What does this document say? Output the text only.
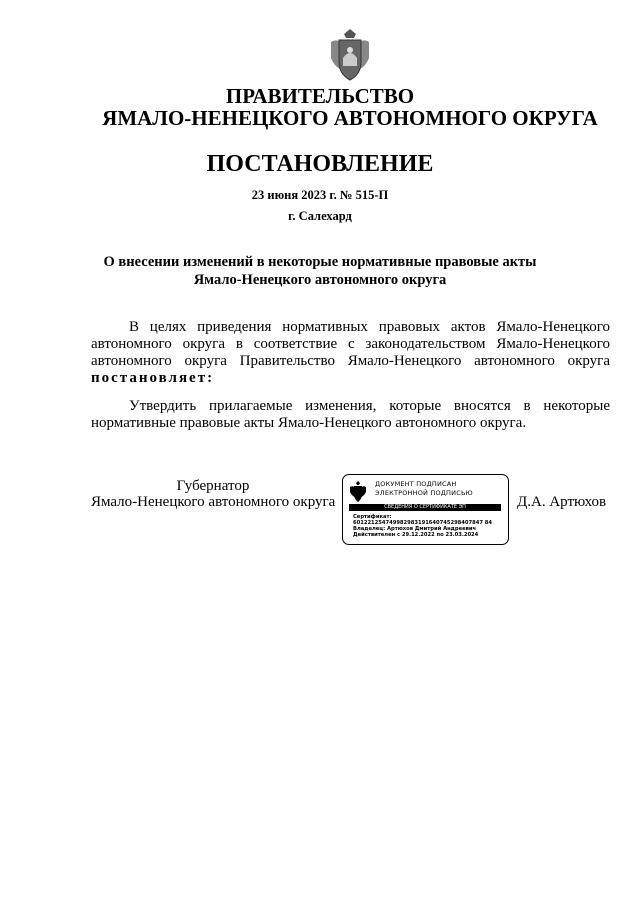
ПРАВИТЕЛЬСТВО
ЯМАЛО-НЕНЕЦКОГО АВТОНОМНОГО ОКРУГА
ПОСТАНОВЛЕНИЕ
23 июня 2023 г. № 515-П
г. Салехард
О внесении изменений в некоторые нормативные правовые акты
Ямало-Ненецкого автономного округа
В целях приведения нормативных правовых актов Ямало-Ненецкого автономного округа в соответствие с законодательством Ямало-Ненецкого автономного округа Правительство Ямало-Ненецкого автономного округа постановляет:
Утвердить прилагаемые изменения, которые вносятся в некоторые нормативные правовые акты Ямало-Ненецкого автономного округа.
Губернатор
Ямало-Ненецкого автономного округа	Д.А. Артюхов
ДОКУМЕНТ ПОДПИСАН
ЭЛЕКТРОННОЙ ПОДПИСЬЮ
СВЕДЕНИЯ О СЕРТИФИКАТЕ ЭП
Сертификат:
601221254749982983191640745298407847 84
Владелец: Артюхов Дмитрий Андреевич
Действителен с 29.12.2022 по 23.03.2024
